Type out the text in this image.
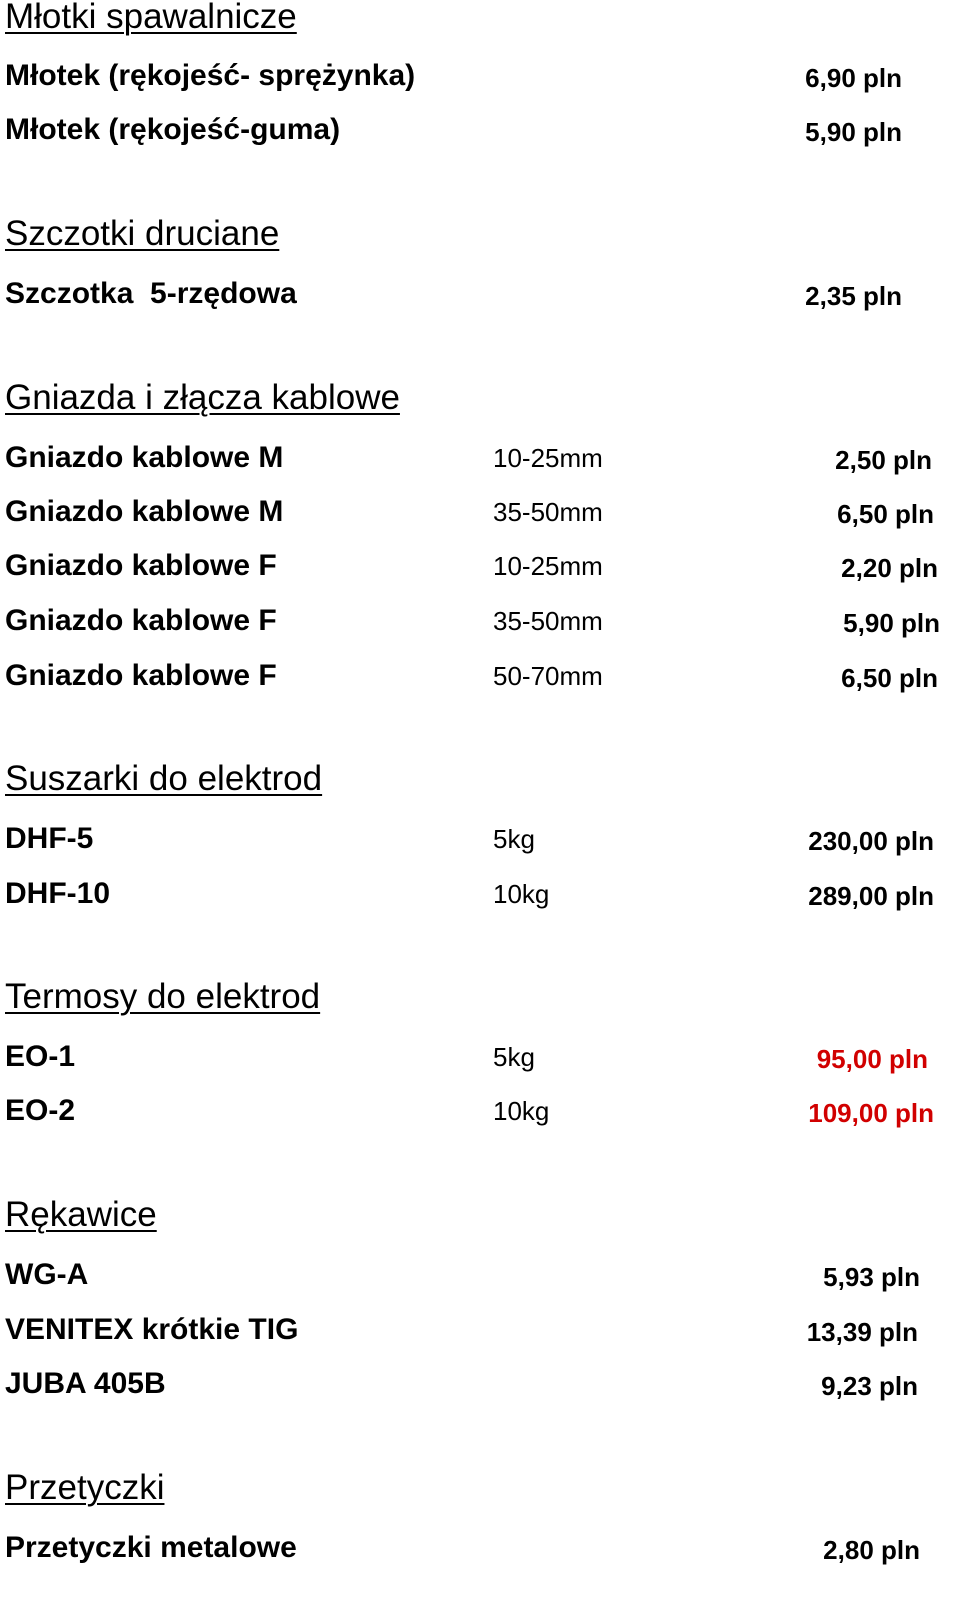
Młotki spawalnicze
Młotek (rękojeść- sprężynka)	6,90 pln
Młotek (rękojeść-guma)	5,90 pln
Szczotki druciane
Szczotka  5-rzędowa	2,35 pln
Gniazda i złącza kablowe
Gniazdo kablowe M	10-25mm	2,50 pln
Gniazdo kablowe M	35-50mm	6,50 pln
Gniazdo kablowe F	10-25mm	2,20 pln
Gniazdo kablowe F	35-50mm	5,90 pln
Gniazdo kablowe F	50-70mm	6,50 pln
Suszarki do elektrod
DHF-5	5kg	230,00 pln
DHF-10	10kg	289,00 pln
Termosy do elektrod
EO-1	5kg	95,00 pln
EO-2	10kg	109,00 pln
Rękawice
WG-A	5,93 pln
VENITEX krótkie TIG	13,39 pln
JUBA 405B	9,23 pln
Przetyczki
Przetyczki metalowe	2,80 pln
